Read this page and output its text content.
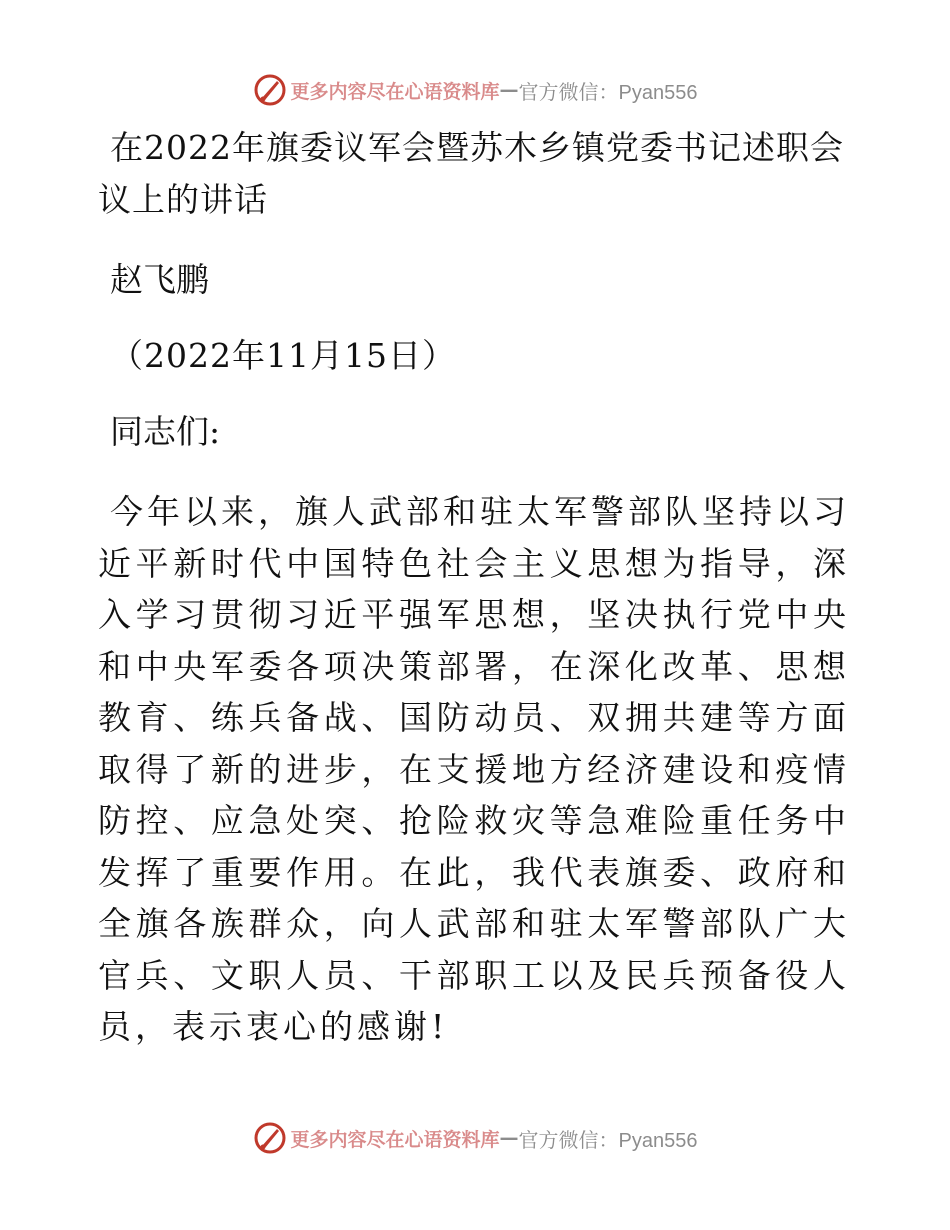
更多内容尽在心语资料库 — 官方微信：Pyan556
在2022年旗委议军会暨苏木乡镇党委书记述职会议上的讲话

赵飞鹏

（2022年11月15日）

同志们:

今年以来，旗人武部和驻太军警部队坚持以习近平新时代中国特色社会主义思想为指导，深入学习贯彻习近平强军思想，坚决执行党中央和中央军委各项决策部署，在深化改革、思想教育、练兵备战、国防动员、双拥共建等方面取得了新的进步，在支援地方经济建设和疫情防控、应急处突、抢险救灾等急难险重任务中发挥了重要作用。在此，我代表旗委、政府和全旗各族群众，向人武部和驻太军警部队广大官兵、文职人员、干部职工以及民兵预备役人员，表示衷心的感谢!

更多内容尽在心语资料库 — 官方微信：Pyan556
